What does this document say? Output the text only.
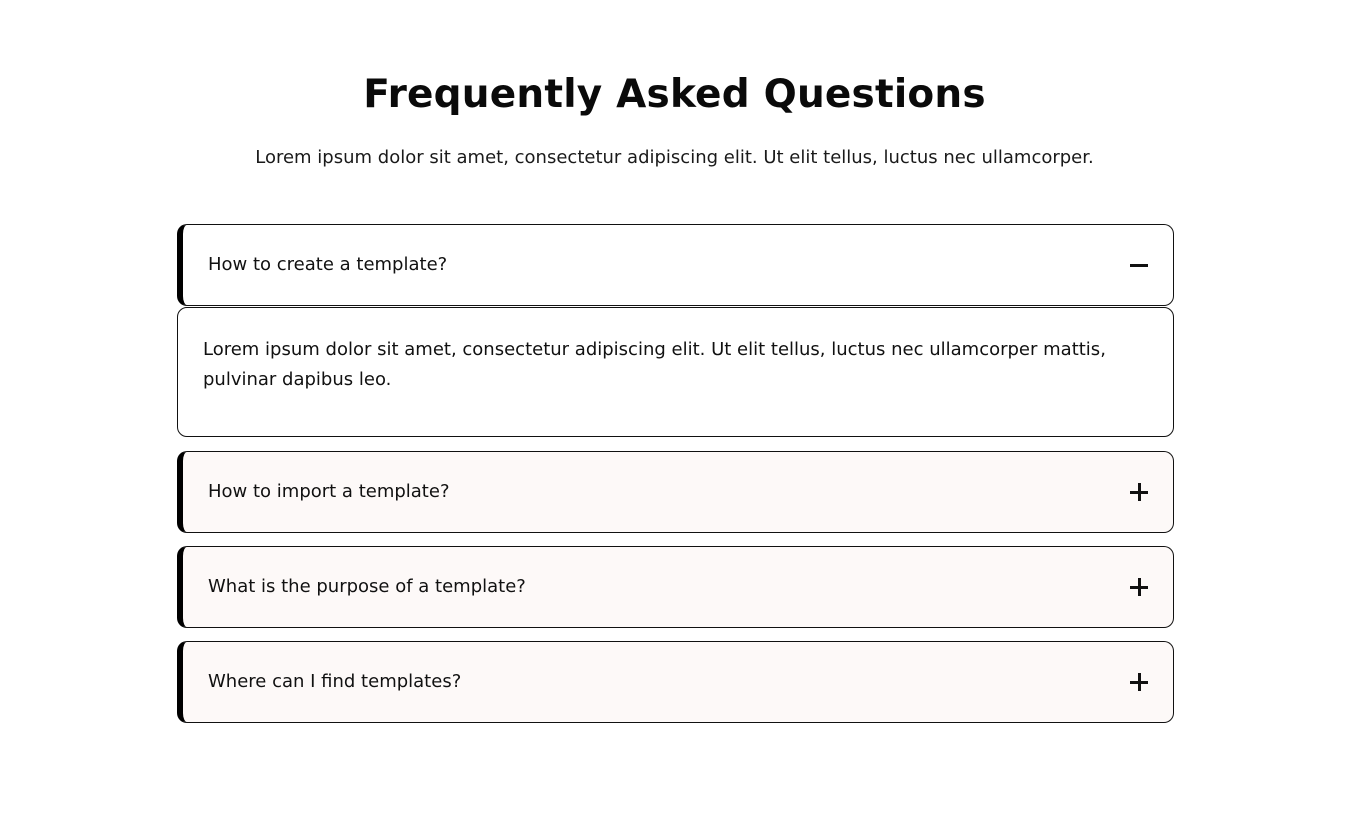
Frequently Asked Questions

Lorem ipsum dolor sit amet, consectetur adipiscing elit. Ut elit tellus, luctus nec ullamcorper.

How to create a template?
Lorem ipsum dolor sit amet, consectetur adipiscing elit. Ut elit tellus, luctus nec ullamcorper mattis, pulvinar dapibus leo.
How to import a template?
What is the purpose of a template?
Where can I find templates?
